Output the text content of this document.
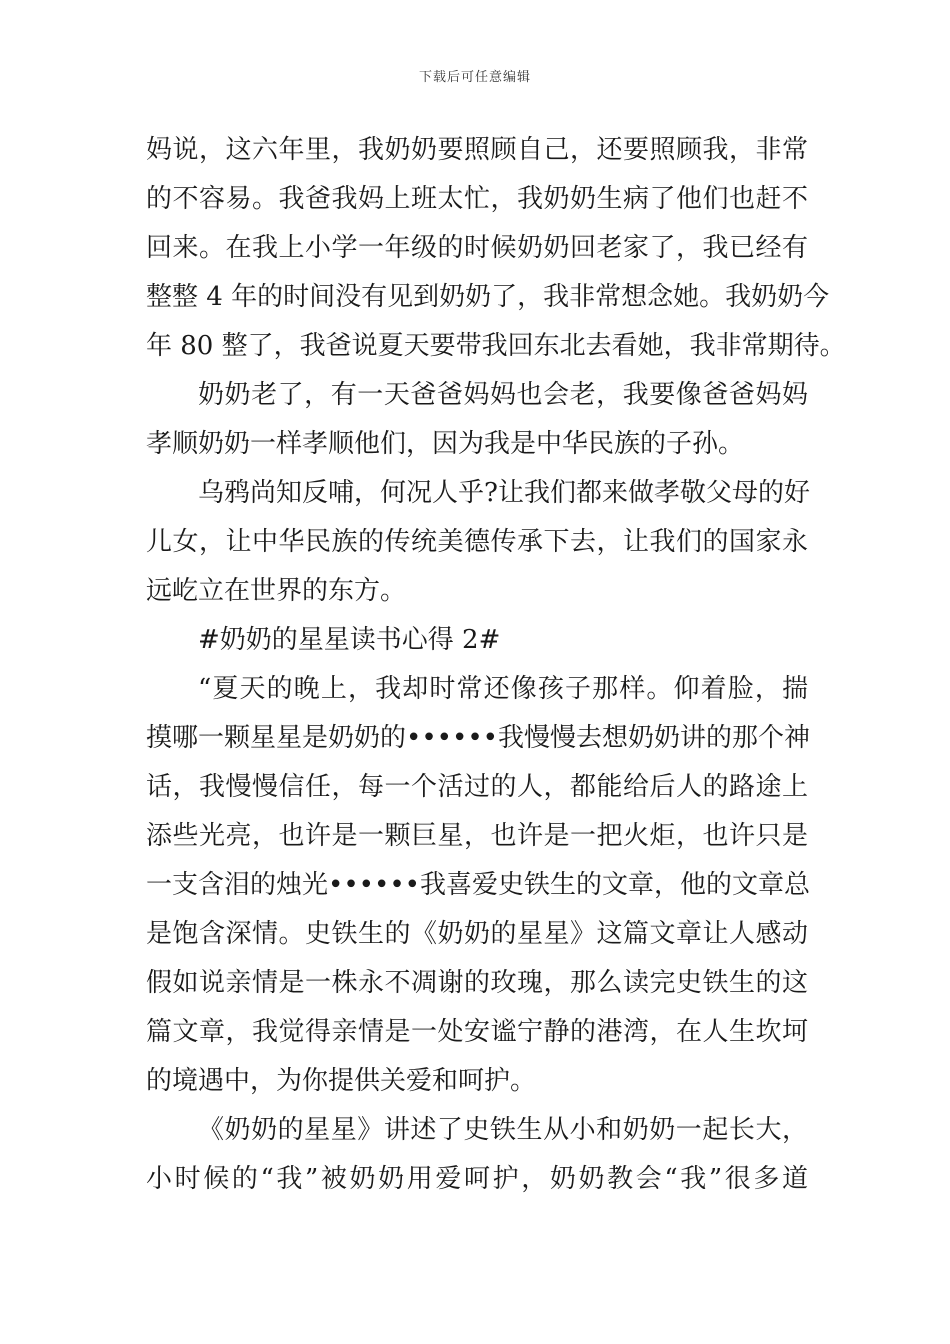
下载后可任意编辑
妈说，这六年里，我奶奶要照顾自己，还要照顾我，非常
的不容易。我爸我妈上班太忙，我奶奶生病了他们也赶不
回来。在我上小学一年级的时候奶奶回老家了，我已经有
整整 4 年的时间没有见到奶奶了，我非常想念她。我奶奶今
年 80 整了，我爸说夏天要带我回东北去看她，我非常期待。
奶奶老了，有一天爸爸妈妈也会老，我要像爸爸妈妈
孝顺奶奶一样孝顺他们，因为我是中华民族的子孙。
乌鸦尚知反哺，何况人乎?让我们都来做孝敬父母的好
儿女，让中华民族的传统美德传承下去，让我们的国家永
远屹立在世界的东方。
#奶奶的星星读书心得 2#
“夏天的晚上，我却时常还像孩子那样。仰着脸，揣
摸哪一颗星星是奶奶的••••••我慢慢去想奶奶讲的那个神
话，我慢慢信任，每一个活过的人，都能给后人的路途上
添些光亮，也许是一颗巨星，也许是一把火炬，也许只是
一支含泪的烛光••••••我喜爱史铁生的文章，他的文章总
是饱含深情。史铁生的《奶奶的星星》这篇文章让人感动
假如说亲情是一株永不凋谢的玫瑰，那么读完史铁生的这
篇文章，我觉得亲情是一处安谧宁静的港湾，在人生坎坷
的境遇中，为你提供关爱和呵护。
《奶奶的星星》讲述了史铁生从小和奶奶一起长大，
小时候的“我”被奶奶用爱呵护，奶奶教会“我”很多道
